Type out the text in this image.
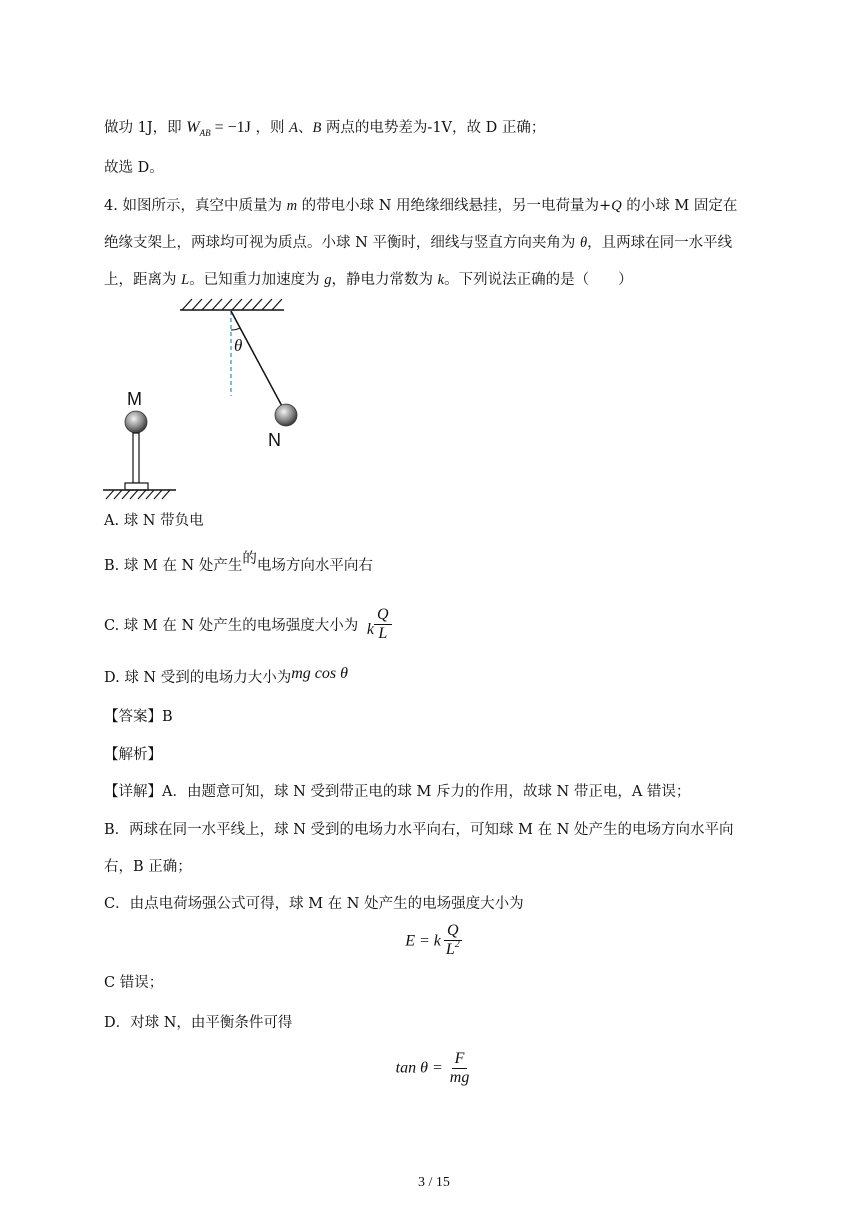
做功 1J，即 $W_{AB} = -1J$ ，则 A、B 两点的电势差为-1V，故 D 正确；
故选 D。
4. 如图所示，真空中质量为 m 的带电小球 N 用绝缘细线悬挂，另一电荷量为+Q 的小球 M 固定在
绝缘支架上，两球均可视为质点。小球 N 平衡时，细线与竖直方向夹角为 θ，且两球在同一水平线
上，距离为 L。已知重力加速度为 g，静电力常数为 k。下列说法正确的是（　　）
θ
N
M
A. 球 N 带负电
B. 球 M 在 N 处产生的电场方向水平向右
C. 球 M 在 N 处产生的电场强度大小为 k $\frac{Q}{L}$
D. 球 N 受到的电场力大小为mg cos θ
【答案】B
【解析】
【详解】A．由题意可知，球 N 受到带正电的球 M 斥力的作用，故球 N 带正电，A 错误；
B．两球在同一水平线上，球 N 受到的电场力水平向右，可知球 M 在 N 处产生的电场方向水平向
右，B 正确；
C．由点电荷场强公式可得，球 M 在 N 处产生的电场强度大小为
E = k $\frac{Q}{L^2}$
C 错误；
D．对球 N，由平衡条件可得
$\tan \theta = \frac{F}{mg}$
3 / 15
